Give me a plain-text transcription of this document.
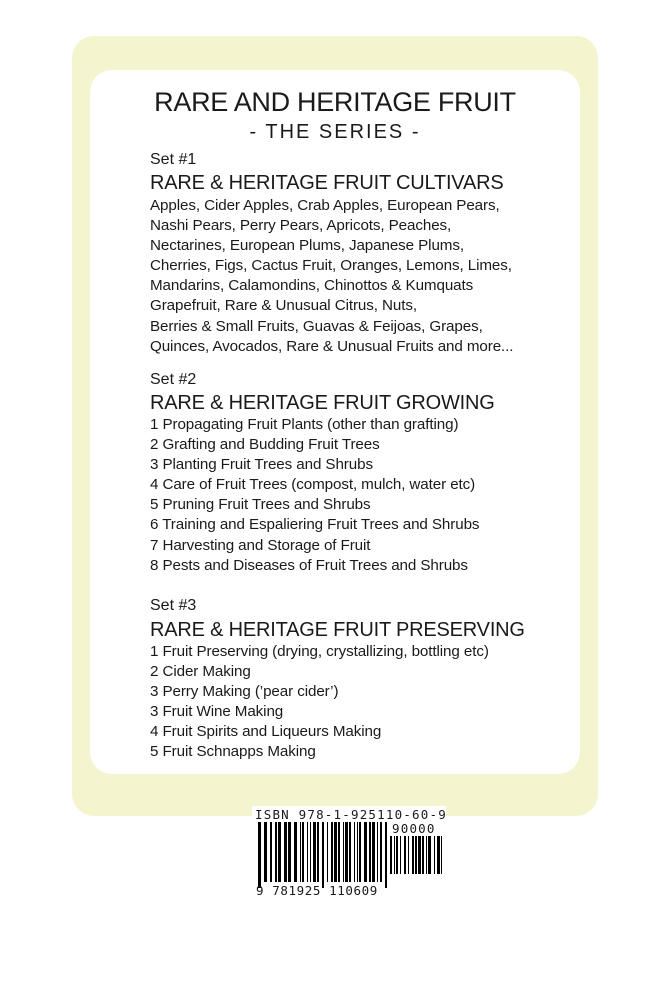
RARE AND HERITAGE FRUIT
- THE SERIES -
Set #1
RARE & HERITAGE FRUIT CULTIVARS
Apples, Cider Apples, Crab Apples, European Pears,
Nashi Pears, Perry Pears, Apricots, Peaches,
Nectarines, European Plums, Japanese Plums,
Cherries, Figs, Cactus Fruit, Oranges, Lemons, Limes,
Mandarins, Calamondins, Chinottos & Kumquats
Grapefruit, Rare & Unusual Citrus, Nuts,
Berries & Small Fruits, Guavas & Feijoas, Grapes,
Quinces, Avocados, Rare & Unusual Fruits and more...
Set #2
RARE & HERITAGE FRUIT GROWING
1 Propagating Fruit Plants (other than grafting)
2 Grafting and Budding Fruit Trees
3 Planting Fruit Trees and Shrubs
4 Care of Fruit Trees (compost, mulch, water etc)
5 Pruning Fruit Trees and Shrubs
6 Training and Espaliering Fruit Trees and Shrubs
7 Harvesting and Storage of Fruit
8 Pests and Diseases of Fruit Trees and Shrubs
Set #3
RARE & HERITAGE FRUIT PRESERVING
1 Fruit Preserving (drying, crystallizing, bottling etc)
2 Cider Making
3 Perry Making (’pear cider’)
3 Fruit Wine Making
4 Fruit Spirits and Liqueurs Making
5 Fruit Schnapps Making
ISBN 978-1-925110-60-9
90000
9 781925 110609
